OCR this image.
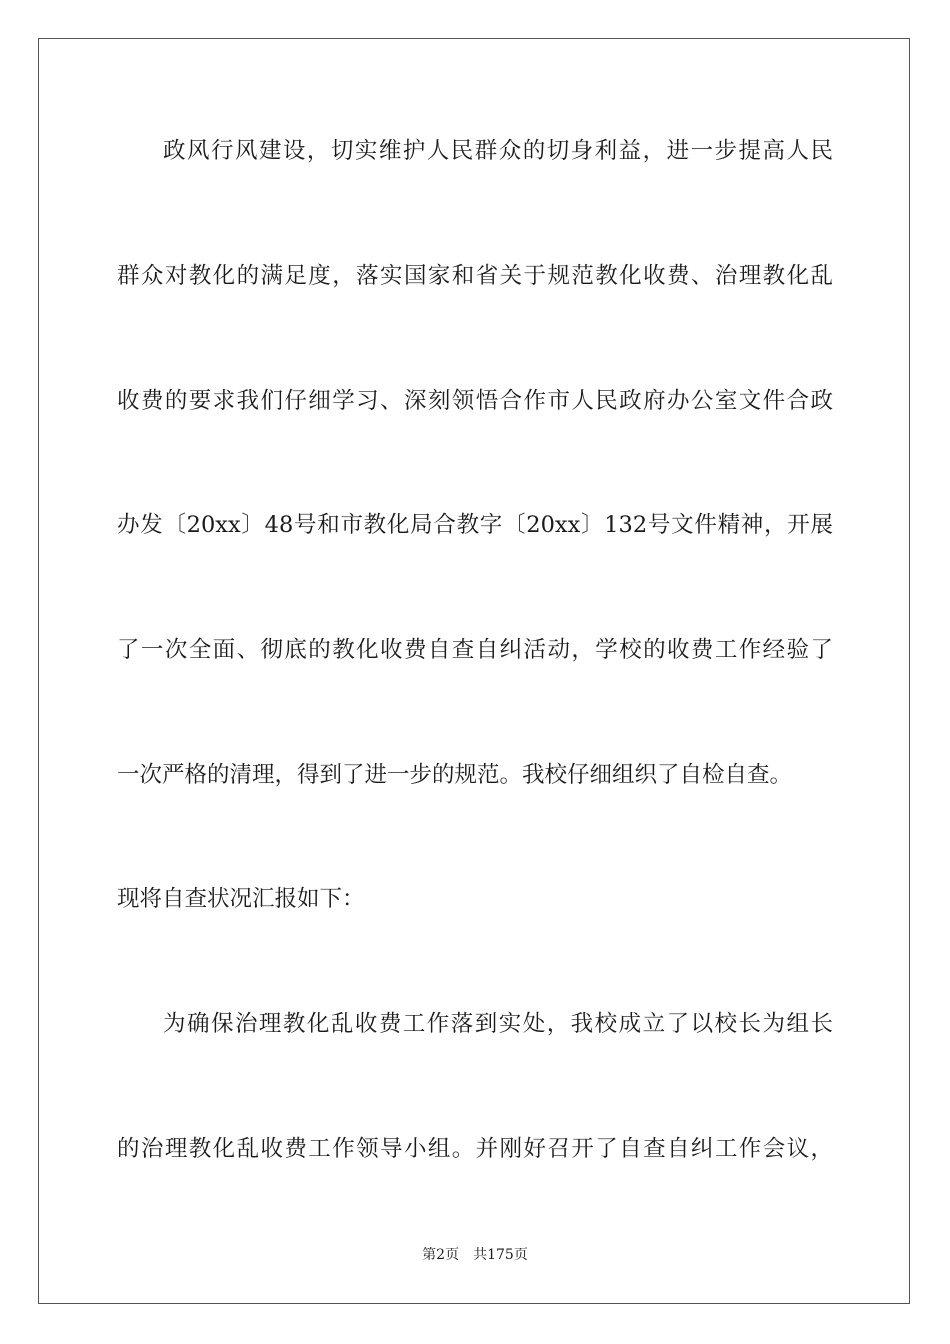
政风行风建设，切实维护人民群众的切身利益，进一步提高人民
群众对教化的满足度，落实国家和省关于规范教化收费、治理教化乱
收费的要求我们仔细学习、深刻领悟合作市人民政府办公室文件合政
办发〔20xx〕48号和市教化局合教字〔20xx〕132号文件精神，开展
了一次全面、彻底的教化收费自查自纠活动，学校的收费工作经验了
一次严格的清理，得到了进一步的规范。我校仔细组织了自检自查。
现将自查状况汇报如下：
为确保治理教化乱收费工作落到实处，我校成立了以校长为组长
的治理教化乱收费工作领导小组。并刚好召开了自查自纠工作会议，
第2页 共175页
